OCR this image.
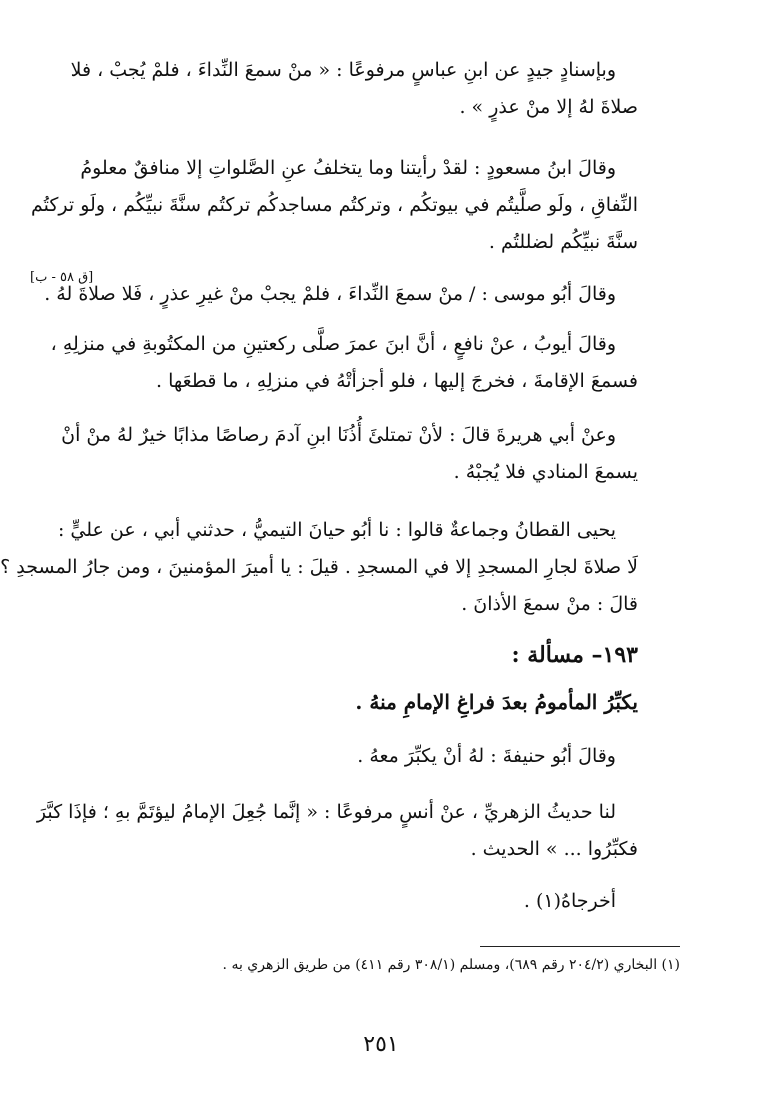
وبإسنادٍ جيدٍ عن ابنِ عباسٍ مرفوعًا : « منْ سمعَ النِّداءَ ، فلمْ يُجبْ ، فلا
صلاةَ لهُ إلا منْ عذرٍ » .
وقالَ ابنُ مسعودٍ : لقدْ رأيتنا وما يتخلفُ عنِ الصَّلواتِ إلا منافقٌ معلومُ
النِّفاقِ ، ولَو صلَّيتُم في بيوتكُم ، وتركتُم مساجدكُم تركتُم سنَّةَ نبيِّكُم ، ولَو تركتُم
سنَّةَ نبيِّكُم لضللتُم .
وقالَ أبُو موسى : / منْ سمعَ النِّداءَ ، فلمْ يجبْ منْ غيرِ عذرٍ ، فَلا صلاةَ لهُ .
[ق ٥٨ - ب]
وقالَ أيوبُ ، عنْ نافعٍ ، أنَّ ابنَ عمرَ صلَّى ركعتينِ من المكتُوبةِ في منزلِهِ ،
فسمعَ الإقامةَ ، فخرجَ إليها ، فلو أجزأتْهُ في منزلِهِ ، ما قطعَها .
وعنْ أبي هريرةَ قالَ : لأنْ تمتلئَ أُذُنَا ابنِ آدمَ رصاصًا مذابًا خيرٌ لهُ منْ أنْ
يسمعَ المنادي فلا يُجبْهُ .
يحيى القطانُ وجماعةٌ قالوا : نا أبُو حيانَ التيميُّ ، حدثني أبي ، عن عليٍّ :
لَا صلاةَ لجارِ المسجدِ إلا في المسجدِ . قيلَ : يا أميرَ المؤمنينَ ، ومن جارُ المسجدِ ؟
قالَ : منْ سمعَ الأذانَ .
١٩٣– مسألة :
يكبِّرُ المأمومُ بعدَ فراغِ الإمامِ منهُ .
وقالَ أبُو حنيفةَ : لهُ أنْ يكبِّرَ معهُ .
لنا حديثُ الزهريِّ ، عنْ أنسٍ مرفوعًا : « إنَّما جُعِلَ الإمامُ ليؤتَمَّ بهِ ؛ فإذَا كبَّرَ
فكبِّرُوا ... » الحديث .
أخرجاهُ(١) .
(١) البخاري (٢٠٤/٢ رقم ٦٨٩)، ومسلم (٣٠٨/١ رقم ٤١١) من طريق الزهري به .
٢٥١
